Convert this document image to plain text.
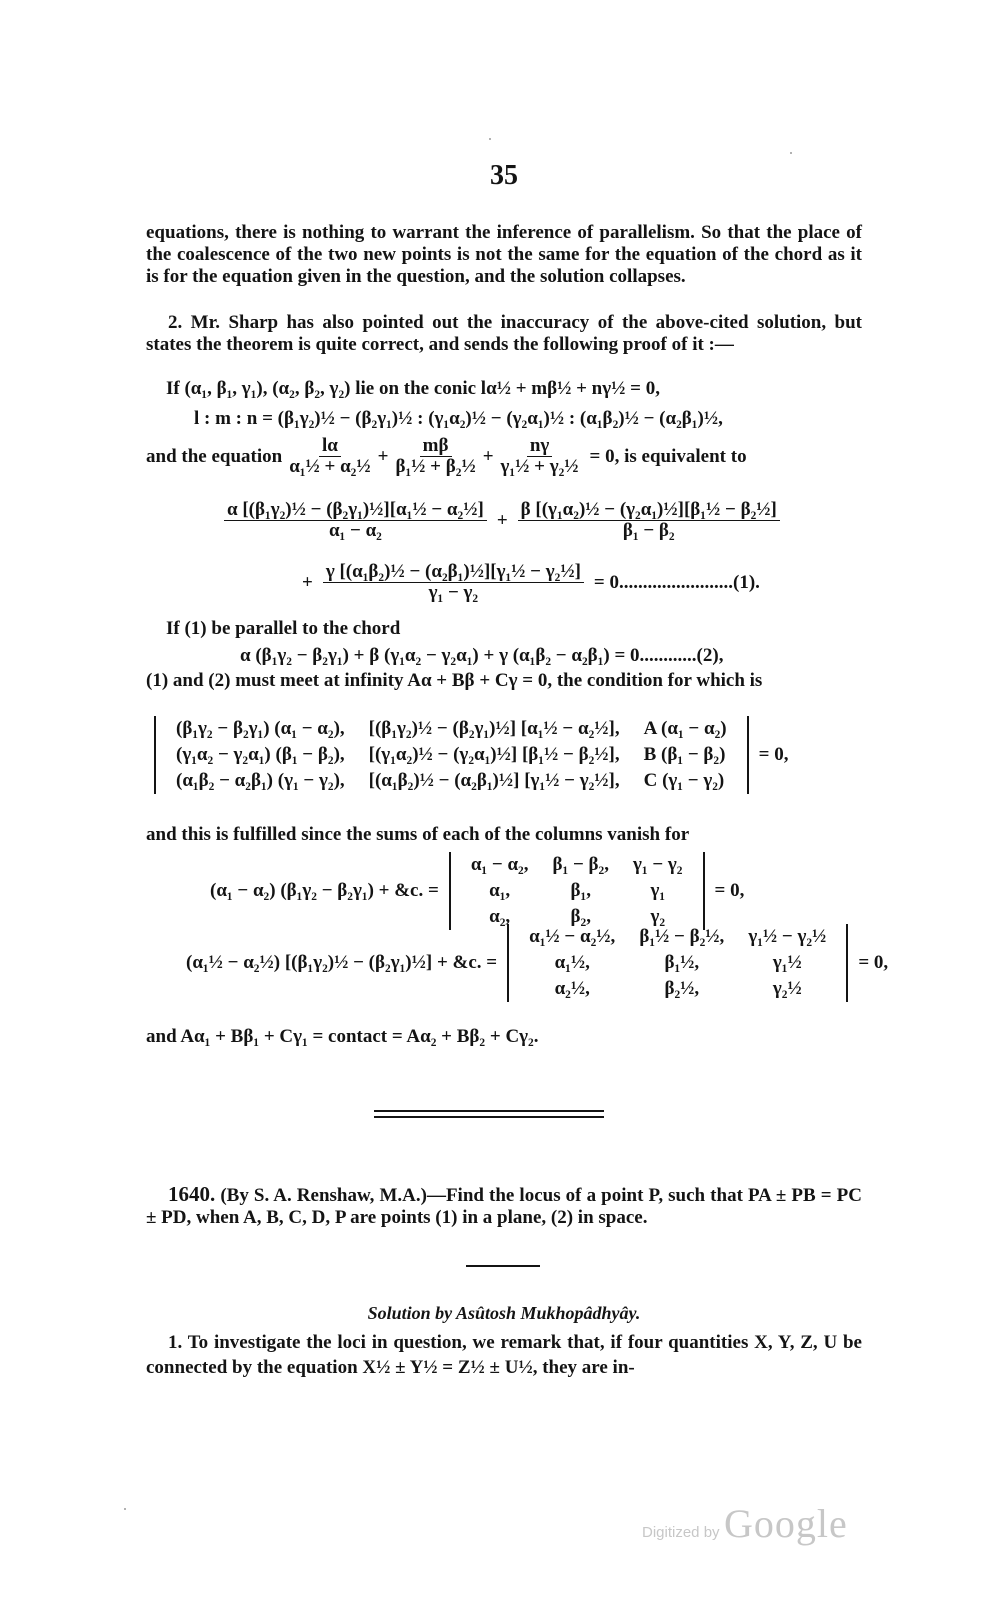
35
equations, there is nothing to warrant the inference of parallelism. So that the place of the coalescence of the two new points is not the same for the equation of the chord as it is for the equation given in the question, and the solution collapses.
2. Mr. Sharp has also pointed out the inaccuracy of the above-cited solution, but states the theorem is quite correct, and sends the following proof of it :—
If (α₁, β₁, γ₁), (α₂, β₂, γ₂) lie on the conic lα½ + mβ½ + nγ½ = 0,
l : m : n = (β₁γ₂)½ − (β₂γ₁)½ : (γ₁α₂)½ − (γ₂α₁)½ : (α₁β₂)½ − (α₂β₁)½,
and the equation $\frac{l\alpha}{\text{α₁½ + α₂½}} + \frac{m\beta}{\text{β₁½ + β₂½}} + \frac{n\gamma}{\text{γ₁½ + γ₂½}} = 0$, is equivalent to
$\frac{\text{α [(β₁γ₂)½ − (β₂γ₁)½][α₁½ − α₂½]}}{\text{α₁ − α₂}} + \frac{\text{β [(γ₁α₂)½ − (γ₂α₁)½][β₁½ − β₂½]}}{\text{β₁ − β₂}}$
+ $\frac{\text{γ [(α₁β₂)½ − (α₂β₁)½][γ₁½ − γ₂½]}}{\text{γ₁ − γ₂}} = 0........................(1)$.
If (1) be parallel to the chord
α (β₁γ₂ − β₂γ₁) + β (γ₁α₂ − γ₂α₁) + γ (α₁β₂ − α₂β₁) = 0............(2),
(1) and (2) must meet at infinity Aα + Bβ + Cγ = 0, the condition for which is
(β₁γ₂ − β₂γ₁) (α₁ − α₂),	[(β₁γ₂)½ − (β₂γ₁)½] [α₁½ − α₂½],	A (α₁ − α₂)
(γ₁α₂ − γ₂α₁) (β₁ − β₂),	[(γ₁α₂)½ − (γ₂α₁)½] [β₁½ − β₂½],	B (β₁ − β₂)
(α₁β₂ − α₂β₁) (γ₁ − γ₂),	[(α₁β₂)½ − (α₂β₁)½] [γ₁½ − γ₂½],	C (γ₁ − γ₂)
= 0,
and this is fulfilled since the sums of each of the columns vanish for
(α₁ − α₂) (β₁γ₂ − β₂γ₁) + &c. =
α₁ − α₂,	β₁ − β₂,	γ₁ − γ₂
α₁,	β₁,	γ₁
α₂,	β₂,	γ₂
= 0,
(α₁½ − α₂½) [(β₁γ₂)½ − (β₂γ₁)½] + &c. =
α₁½ − α₂½,	β₁½ − β₂½,	γ₁½ − γ₂½
α₁½,	β₁½,	γ₁½
α₂½,	β₂½,	γ₂½
= 0,
and Aα₁ + Bβ₁ + Cγ₁ = contact = Aα₂ + Bβ₂ + Cγ₂.
1640. (By S. A. Renshaw, M.A.)—Find the locus of a point P, such that PA ± PB = PC ± PD, when A, B, C, D, P are points (1) in a plane, (2) in space.
Solution by Asûtosh Mukhopâdhyây.
1. To investigate the loci in question, we remark that, if four quantities X, Y, Z, U be connected by the equation X½ ± Y½ = Z½ ± U½, they are in-
Digitized by Google
